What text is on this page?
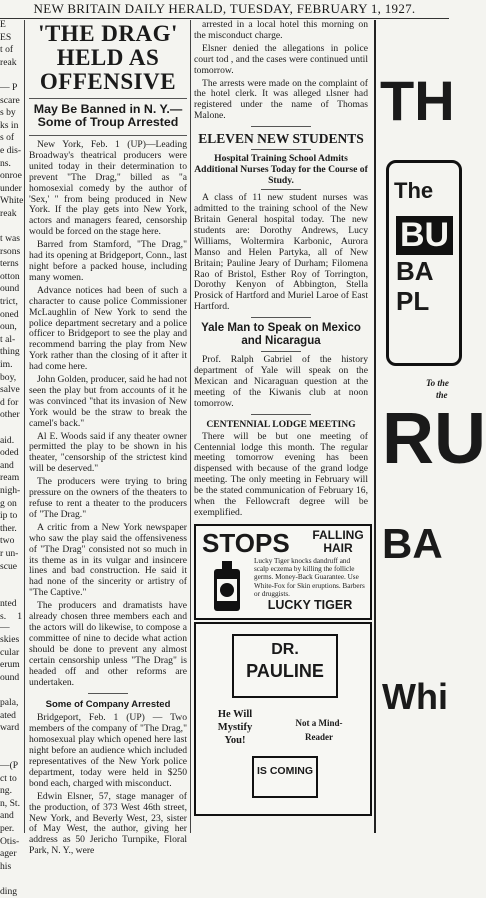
NEW BRITAIN DAILY HERALD, TUESDAY, FEBRUARY 1, 1927.

E

ES

t of

reak

— P

scare

s by

ks in

s of

e dis-

ns.

onroe

under

White

reak

t was

rsons

terns

otton

ound

trict,

oned

oun,

t al-

thing

im.

boy,

salve

d for

other

aid.

oded

and

ream

nigh-

g on

ip to

ther.

two

r un-

scue

nted

s. 1—

skies

cular

erum

ound

pala,

ated

ward

—(P

ct to

ng.

n, St.

and

per.

Otis-

ager

his

ding

'THE DRAG' HELD AS OFFENSIVE
May Be Banned in N. Y.—Some of Troup Arrested

New York, Feb. 1 (UP)—Leading Broadway's theatrical producers were united today in their determination to prevent "The Drag," billed as "a homosexial comedy by the author of 'Sex,' " from being produced in New York. If the play gets into New York, actors and managers feared, censorship would be forced on the stage here.

Barred from Stamford, "The Drag," had its opening at Bridgeport, Conn., last night before a packed house, including many women.

Advance notices had been of such a character to cause police Commissioner McLaughlin of New York to send the police department secretary and a police officer to Bridgeport to see the play and recommend barring the play from New York rather than the closing of it after it had come here.

John Golden, producer, said he had not seen the play but from accounts of it he was convinced "that its invasion of New York would be the straw to break the camel's back."

Al E. Woods said if any theater owner permitted the play to be shown in his theater, "censorship of the strictest kind will be deserved."

The producers were trying to bring pressure on the owners of the theaters to refuse to rent a theater to the producers of "The Drag."

A critic from a New York newspaper who saw the play said the offensiveness of "The Drag" consisted not so much in its theme as in its vulgar and insincere lines and bad construction. He said it had none of the sincerity or artistry of "The Captive."

The producers and dramatists have already chosen three members each and the actors will do likewise, to compose a committee of nine to decide what action should be done to prevent any almost certain censorship unless "The Drag" is headed off and other reforms are undertaken.

Some of Company Arrested

Bridgeport, Feb. 1 (UP) — Two members of the company of "The Drag," homosexual play which opened here last night before an audience which included representatives of the New York police department, today were held in $250 bond each, charged with misconduct.

Edwin Elsner, 57, stage manager of the production, of 373 West 46th street, New York, and Beverly West, 23, sister of May West, the author, giving her address as 50 Jericho Turnpike, Floral Park, N. Y., were

arrested in a local hotel this morning on the misconduct charge.

Elsner denied the allegations in police court tod , and the cases were continued until tomorrow.

The arrests were made on the complaint of the hotel clerk. It was alleged ʟlsner had registered under the name of Thomas Malone.

ELEVEN NEW STUDENTS
Hospital Training School Admits Additional Nurses Today for the Course of Study.

A class of 11 new student nurses was admitted to the training school of the New Britain General hospital today. The new students are: Dorothy Andrews, Lucy Williams, Woltermira Karbonic, Aurora Manso and Helen Partyka, all of New Britain; Pauline Jeary of Durham; Filomena Rao of Bristol, Esther Roy of Torrington, Dorothy Kenyon of Abbington, Stella Prosick of Hartford and Muriel Laroe of East Hartford.

Yale Man to Speak on Mexico and Nicaragua

Prof. Ralph Gabriel of the history department of Yale will speak on the Mexican and Nicaraguan question at the meeting of the Kiwanis club at noon tomorrow.

CENTENNIAL LODGE MEETING

There will be but one meeting of Centennial lodge this month. The regular meeting tomorrow evening has been dispensed with because of the grand lodge meeting. The only meeting in February will be the stated communication of February 16, when the Fellowcraft degree will be exemplified.

STOPS	FALLING HAIR
Lucky Tiger knocks dandruff and scalp eczema by killing the follicle germs. Money-Back Guarantee. Use White-Fox for Skin eruptions. Barbers or druggists.
LUCKY TIGER
DR.
PAULINE
He Will Mystify You!
Not a Mind-Reader
IS COMING
TH
The
BU
BA
PL
To the
the
RU
BA
Whi
